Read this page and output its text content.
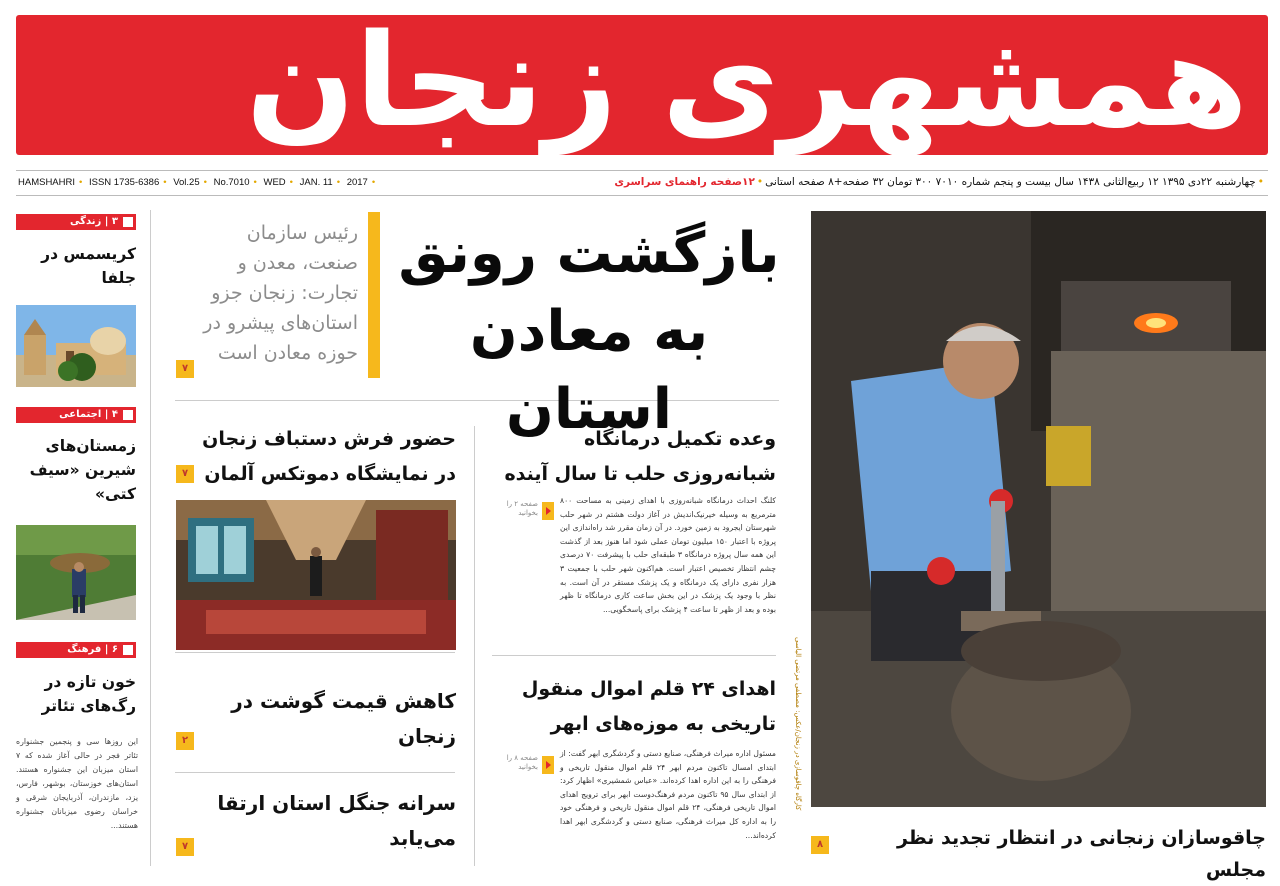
همشهری زنجان
HAMSHAHRI • ISSN 1735-6386 • Vol.25 • No.7010 • WED • JAN. 11 • 2017 •	•چهارشنبه ۲۲دی ۱۳۹۵ ۱۲ ربیع‌الثانی ۱۴۳۸ سال بیست و پنجم شماره ۷۰۱۰ ۳۰۰ تومان ۳۲ صفحه+۸ صفحه استانی•۱۲صفحه راهنمای سراسری
۳ | زندگی
کریسمس در جلفا
۴ | اجتماعی
زمستان‌های شیرین «سیف کتی»
۶ | فرهنگ
خون تازه در رگ‌های تئاتر
این روزها سی و پنجمین جشنواره تئاتر فجر در حالی آغاز شده که ۷ استان میزبان این جشنواره هستند. استان‌های خوزستان، بوشهر، فارس، یزد، مازندران، آذربایجان شرقی و خراسان رضوی میزبانان جشنواره هستند...
بازگشت رونق
به معادن استان
رئیس سازمان صنعت، معدن و تجارت: زنجان جزو استان‌های پیشرو در حوزه معادن است
۷
حضور فرش دستباف زنجان در نمایشگاه دموتکس آلمان
۷
وعده تکمیل درمانگاه شبانه‌روزی حلب تا سال آینده
صفحه ۲ را بخوانید
کلنگ احداث درمانگاه شبانه‌روزی با اهدای زمینی به مساحت ۸۰۰ مترمربع به وسیله خیرنیک‌اندیش در آغاز دولت هشتم در شهر حلب شهرستان ایجرود به زمین خورد. در آن زمان مقرر شد راه‌اندازی این پروژه با اعتبار ۱۵۰ میلیون تومان عملی شود اما هنوز بعد از گذشت این همه سال پروژه درمانگاه ۳ طبقه‌ای حلب با پیشرفت ۷۰ درصدی چشم انتظار تخصیص اعتبار است. هم‌اکنون شهر حلب با جمعیت ۳ هزار نفری دارای یک درمانگاه و یک پزشک مستقر در آن است. به نظر با وجود یک پزشک در این بخش ساعت کاری درمانگاه تا ظهر بوده و بعد از ظهر تا ساعت ۴ پزشک برای پاسخگویی...
کاهش قیمت گوشت در زنجان
۲
اهدای ۲۴ قلم اموال منقول تاریخی به موزه‌های ابهر
صفحه ۸ را بخوانید
مسئول اداره میراث فرهنگی، صنایع دستی و گردشگری ابهر گفت: از ابتدای امسال تاکنون مردم ابهر ۲۴ قلم اموال منقول تاریخی و فرهنگی را به این اداره اهدا کرده‌اند. «عباس شمشیری» اظهار کرد: از ابتدای سال ۹۵ تاکنون مردم فرهنگ‌دوست ابهر برای ترویج اهدای اموال تاریخی فرهنگی، ۲۴ قلم اموال منقول تاریخی و فرهنگی خود را به اداره کل میراث فرهنگی، صنایع دستی و گردشگری ابهر اهدا کرده‌اند...
سرانه جنگل استان ارتقا می‌یابد
۷
کارگاه چاقوسازی در زنجان/عکس: مصطفی مرتضی الیاسی
۸	چاقوسازان زنجانی در انتظار تجدید نظر مجلس
